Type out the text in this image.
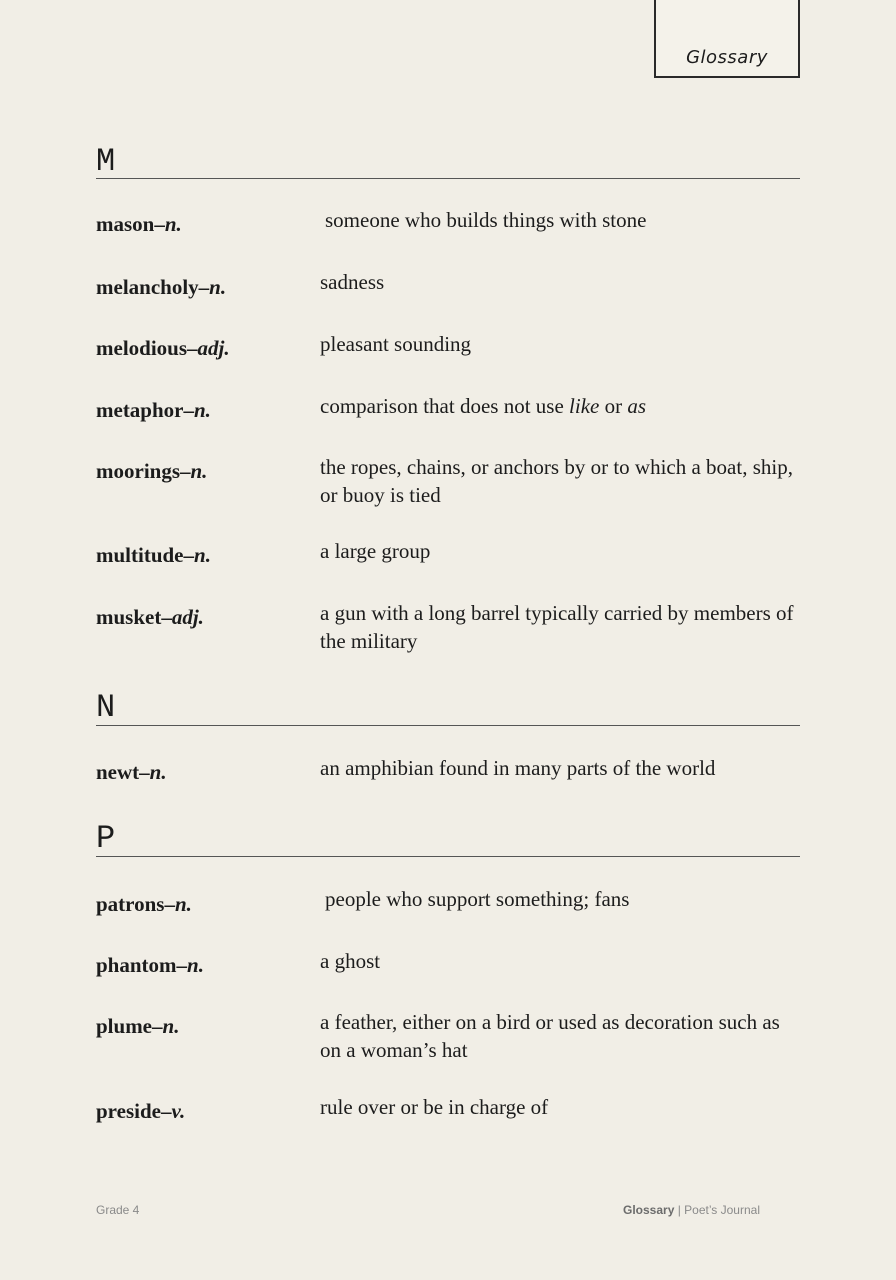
Glossary
M
mason–n.	someone who builds things with stone
melancholy–n.	sadness
melodious–adj.	pleasant sounding
metaphor–n.	comparison that does not use like or as
moorings–n.	the ropes, chains, or anchors by or to which a boat, ship, or buoy is tied
multitude–n.	a large group
musket–adj.	a gun with a long barrel typically carried by members of the military
N
newt–n.	an amphibian found in many parts of the world
P
patrons–n.	people who support something; fans
phantom–n.	a ghost
plume–n.	a feather, either on a bird or used as decoration such as on a woman’s hat
preside–v.	rule over or be in charge of
Grade 4	Glossary | Poet’s Journal
